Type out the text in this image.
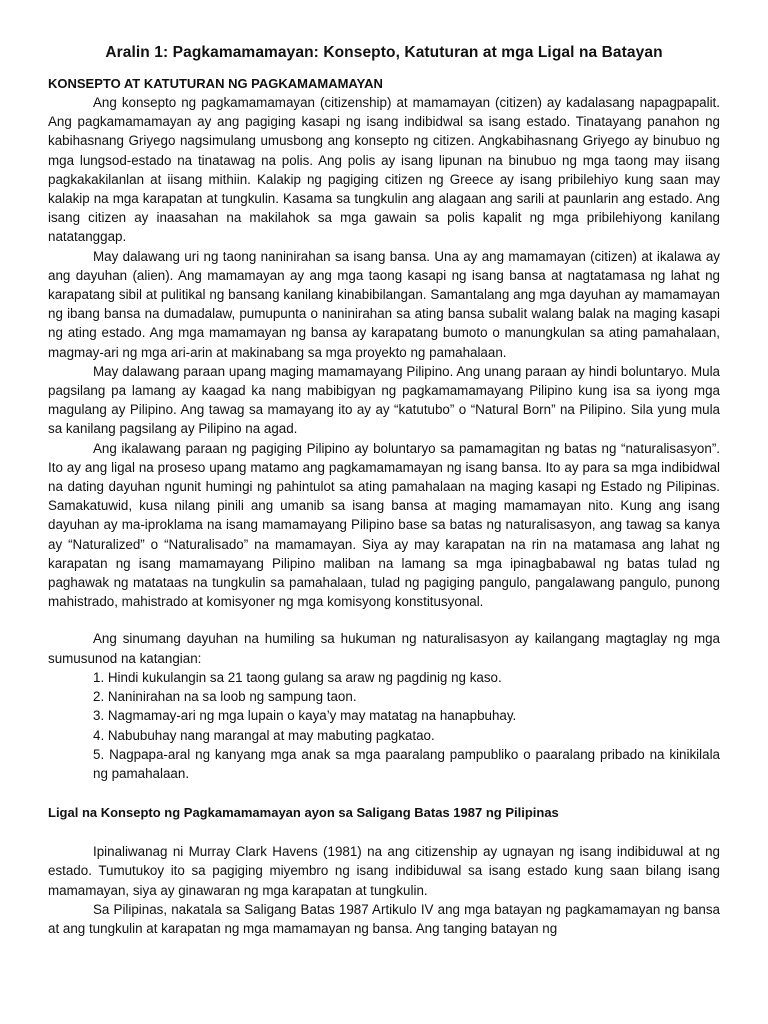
Aralin 1: Pagkamamamayan: Konsepto, Katuturan at mga Ligal na Batayan
KONSEPTO AT KATUTURAN NG PAGKAMAMAMAYAN

Ang konsepto ng pagkamamamayan (citizenship) at mamamayan (citizen) ay kadalasang napagpapalit. Ang pagkamamamayan ay ang pagiging kasapi ng isang indibidwal sa isang estado. Tinatayang panahon ng kabihasnang Griyego nagsimulang umusbong ang konsepto ng citizen. Angkabihasnang Griyego ay binubuo ng mga lungsod-estado na tinatawag na polis. Ang polis ay isang lipunan na binubuo ng mga taong may iisang pagkakakilanlan at iisang mithiin. Kalakip ng pagiging citizen ng Greece ay isang pribilehiyo kung saan may kalakip na mga karapatan at tungkulin. Kasama sa tungkulin ang alagaan ang sarili at paunlarin ang estado. Ang isang citizen ay inaasahan na makilahok sa mga gawain sa polis kapalit ng mga pribilehiyong kanilang natatanggap.

May dalawang uri ng taong naninirahan sa isang bansa. Una ay ang mamamayan (citizen) at ikalawa ay ang dayuhan (alien). Ang mamamayan ay ang mga taong kasapi ng isang bansa at nagtatamasa ng lahat ng karapatang sibil at pulitikal ng bansang kanilang kinabibilangan. Samantalang ang mga dayuhan ay mamamayan ng ibang bansa na dumadalaw, pumupunta o naninirahan sa ating bansa subalit walang balak na maging kasapi ng ating estado. Ang mga mamamayan ng bansa ay karapatang bumoto o manungkulan sa ating pamahalaan, magmay-ari ng mga ari-arin at makinabang sa mga proyekto ng pamahalaan.

May dalawang paraan upang maging mamamayang Pilipino. Ang unang paraan ay hindi boluntaryo. Mula pagsilang pa lamang ay kaagad ka nang mabibigyan ng pagkamamamayang Pilipino kung isa sa iyong mga magulang ay Pilipino. Ang tawag sa mamayang ito ay ay “katutubo” o “Natural Born” na Pilipino. Sila yung mula sa kanilang pagsilang ay Pilipino na agad.

Ang ikalawang paraan ng pagiging Pilipino ay boluntaryo sa pamamagitan ng batas ng “naturalisasyon”. Ito ay ang ligal na proseso upang matamo ang pagkamamamayan ng isang bansa. Ito ay para sa mga indibidwal na dating dayuhan ngunit humingi ng pahintulot sa ating pamahalaan na maging kasapi ng Estado ng Pilipinas. Samakatuwid, kusa nilang pinili ang umanib sa isang bansa at maging mamamayan nito. Kung ang isang dayuhan ay ma-iproklama na isang mamamayang Pilipino base sa batas ng naturalisasyon, ang tawag sa kanya ay “Naturalized” o “Naturalisado” na mamamayan. Siya ay may karapatan na rin na matamasa ang lahat ng karapatan ng isang mamamayang Pilipino maliban na lamang sa mga ipinagbabawal ng batas tulad ng paghawak ng matataas na tungkulin sa pamahalaan, tulad ng pagiging pangulo, pangalawang pangulo, punong mahistrado, mahistrado at komisyoner ng mga komisyong konstitusyonal.

Ang sinumang dayuhan na humiling sa hukuman ng naturalisasyon ay kailangang magtaglay ng mga sumusunod na katangian:

1. Hindi kukulangin sa 21 taong gulang sa araw ng pagdinig ng kaso.
2. Naninirahan na sa loob ng sampung taon.
3. Nagmamay-ari ng mga lupain o kaya’y may matatag na hanapbuhay.
4. Nabubuhay nang marangal at may mabuting pagkatao.
5. Nagpapa-aral ng kanyang mga anak sa mga paaralang pampubliko o paaralang pribado na kinikilala ng pamahalaan.
Ligal na Konsepto ng Pagkamamamayan ayon sa Saligang Batas 1987 ng Pilipinas

Ipinaliwanag ni Murray Clark Havens (1981) na ang citizenship ay ugnayan ng isang indibiduwal at ng estado. Tumutukoy ito sa pagiging miyembro ng isang indibiduwal sa isang estado kung saan bilang isang mamamayan, siya ay ginawaran ng mga karapatan at tungkulin.

Sa Pilipinas, nakatala sa Saligang Batas 1987 Artikulo IV ang mga batayan ng pagkamamayan ng bansa at ang tungkulin at karapatan ng mga mamamayan ng bansa. Ang tanging batayan ng
